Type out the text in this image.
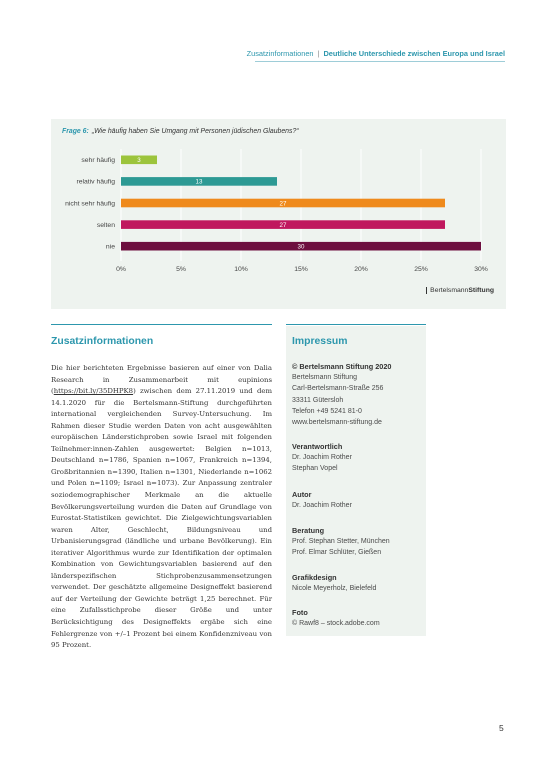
Zusatzinformationen | Deutliche Unterschiede zwischen Europa und Israel
Frage 6: „Wie häufig haben Sie Umgang mit Personen jüdischen Glaubens?“
3
sehr häufig
13
relativ häufig
27
nicht sehr häufig
27
selten
30
nie
0%	5%	10%	15%	20%	25%	30%
BertelsmannStiftung
Zusatzinformationen
Die hier berichteten Ergebnisse basieren auf einer von Dalia Research in Zusammenarbeit mit eupinions (https://bit.ly/35DHPK8) zwischen dem 27.11.2019 und dem 14.1.2020 für die Bertelsmann-Stiftung durchgeführten international vergleichenden Survey-Untersuchung. Im Rahmen dieser Studie werden Daten von acht ausgewählten europäischen Länderstichproben sowie Israel mit folgenden Teilnehmer:innen-Zahlen ausgewertet: Belgien n=1013, Deutschland n=1786, Spanien n=1067, Frankreich n=1394, Großbritannien n=1390, Italien n=1301, Niederlande n=1062 und Polen n=1109; Israel n=1073). Zur Anpassung zentraler soziodemographischer Merkmale an die aktuelle Bevölkerungsverteilung wurden die Daten auf Grundlage von Eurostat-Statistiken gewichtet. Die Zielgewichtungsvariablen waren Alter, Geschlecht, Bildungsniveau und Urbanisierungsgrad (ländliche und urbane Bevölkerung). Ein iterativer Algorithmus wurde zur Identifikation der optimalen Kombination von Gewichtungsvariablen basierend auf den länderspezifischen Stichprobenzusammensetzungen verwendet. Der geschätzte allgemeine Designeffekt basierend auf der Verteilung der Gewichte beträgt 1,25 berechnet. Für eine Zufallsstichprobe dieser Größe und unter Berücksichtigung des Designeffekts ergäbe sich eine Fehlergrenze von +/–1 Prozent bei einem Konfidenzniveau von 95 Prozent.
Impressum
© Bertelsmann Stiftung 2020
Bertelsmann Stiftung
Carl-Bertelsmann-Straße 256
33311 Gütersloh
Telefon +49 5241 81-0
www.bertelsmann-stiftung.de
Verantwortlich
Dr. Joachim Rother
Stephan Vopel
Autor
Dr. Joachim Rother
Beratung
Prof. Stephan Stetter, München
Prof. Elmar Schlüter, Gießen
Grafikdesign
Nicole Meyerholz, Bielefeld
Foto
© Rawf8 – stock.adobe.com
5
